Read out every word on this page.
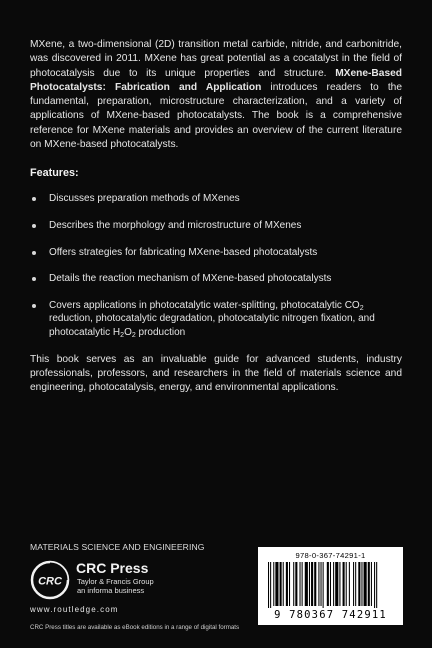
MXene, a two-dimensional (2D) transition metal carbide, nitride, and carbonitride, was discovered in 2011. MXene has great potential as a cocatalyst in the field of photocatalysis due to its unique properties and structure. MXene-Based Photocatalysts: Fabrication and Application introduces readers to the fundamental, preparation, microstructure characterization, and a variety of applications of MXene-based photocatalysts. The book is a comprehensive reference for MXene materials and provides an overview of the current literature on MXene-based photocatalysts.

Features:
Discusses preparation methods of MXenes
Describes the morphology and microstructure of MXenes
Offers strategies for fabricating MXene-based photocatalysts
Details the reaction mechanism of MXene-based photocatalysts
Covers applications in photocatalytic water-splitting, photocatalytic $CO_2$ reduction, photocatalytic degradation, photocatalytic nitrogen fixation, and photocatalytic $H_2O_2$ production

This book serves as an invaluable guide for advanced students, industry professionals, professors, and researchers in the field of materials science and engineering, photocatalysis, energy, and environmental applications.

MATERIALS SCIENCE AND ENGINEERING
CRC
CRC Press
Taylor & Francis Group
an informa business
www.routledge.com
CRC Press titles are available as eBook editions in a range of digital formats
978-0-367-74291-1
9 780367 742911
